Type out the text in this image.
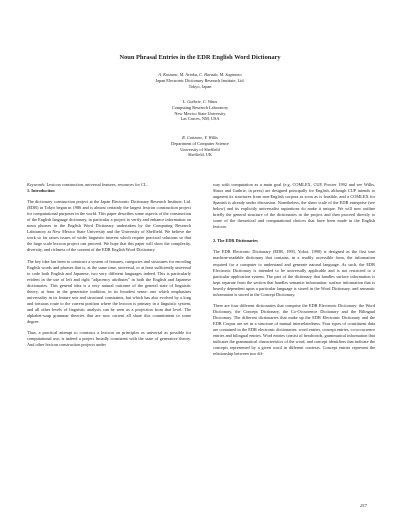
Noun Phrasal Entries in the EDR English Word Dictionary
A. Koizumi, M. Arioka, C. Harada, M. Sugimoto
Japan Electronic Dictionary Research Institute, Ltd.
Tokyo, Japan
L. Guthrie, C. Watts
Computing Research Laboratory
New Mexico State University
Las Cruces, NM, USA
R. Catizone, Y. Wilks
Department of Computer Science
University of Sheffield
Sheffield, UK

Keywords: Lexicon construction, universal features, resources for CL.

1. Introduction

The dictionary construction project at the Japan Electronic Dictionary Research Institute, Ltd. (EDR) in Tokyo began in 1986 and is almost certainly the largest lexicon construction project for computational purposes in the world. This paper describes some aspects of the construction of the English language dictionary, in particular a project to verify and enhance information on noun phrases in the English Word Dictionary undertaken by the Computing Research Laboratory at New Mexico State University and the University of Sheffield. We believe the work so far raises issues of wider linguistic interest which require practical solutions so that the large scale lexicon project can proceed. We hope that this paper will show the complexity, diversity, and richness of the content of the EDR English Word Dictionary.

The key idea has been to construct a system of features, categories and structures for encoding English words and phrases that is, at the same time, universal, or at least sufficiently universal to code both English and Japanese, two very different languages indeed. This is particularly evident in the use of left and right "adjacency attributes" in both the English and Japanese dictionaries. This general idea is a very natural outcome of the general state of linguistic theory, at least in the generative tradition, in its broadest sense: one which emphasises universality in its feature sets and structural constraints, but which has also evolved by a long and tortuous route to the current position where the lexicon is primary in a linguistic system, and all other levels of linguistic analysis can be seen as a projection from that level. The alphabet-soup grammar theories that are now current all share this commitment to some degree.

Thus, a practical attempt to construct a lexicon on principles as universal as possible for computational use, is indeed a project broadly consistent with the state of generative theory. And other lexicon construction projects under

way with computation as a main goal (e.g. COMLEX, CUP, Procter 1992 and see Wilks, Slator and Guthrie, in press) are designed principally for English, although CUP intends to augment its structures from non-English corpora as soon as is feasible, and a COMLEX for Spanish is already under discussion. Nonetheless, the sheer scale of the EDR enterprise (see below) and its explicitly universalist aspirations do make it unique. We will now outline briefly the general structure of the dictionaries in the project and then proceed directly to some of the theoretical and computational choices that have been made in the English lexicon.

2. The EDR Dictionaries

The EDR Electronic Dictionary (EDR, 1993, Yokoi, 1990) is designed as the first true machine-readable dictionary that contains, in a readily accessible form, the information required for a computer to understand and generate natural language. As such, the EDR Electronic Dictionary is intended to be universally applicable and is not restricted to a particular application system. The part of the dictionary that handles surface information is kept separate from the section that handles semantic information: surface information that is heavily dependent upon a particular language is stored in the Word Dictionary, and semantic information is stored in the Concept Dictionary.

There are four different dictionaries that comprise the EDR Electronic Dictionary: the Word Dictionary, the Concept Dictionary, the Co-Occurrence Dictionary and the Bilingual Dictionary. The different dictionaries that make up the EDR Electronic Dictionary and the EDR Corpus are set in a structure of mutual interrelatedness. Four types of constituent data are contained in the EDR electronic dictionaries: word entries, concept entries, co-occurrence entries and bilingual entries. Word entries consist of headwords, grammatical information that indicates the grammatical characteristics of the word, and concept identifiers that indicate the concepts represented by a given word in different contexts. Concept entries represent the relationship between two dif-

257
